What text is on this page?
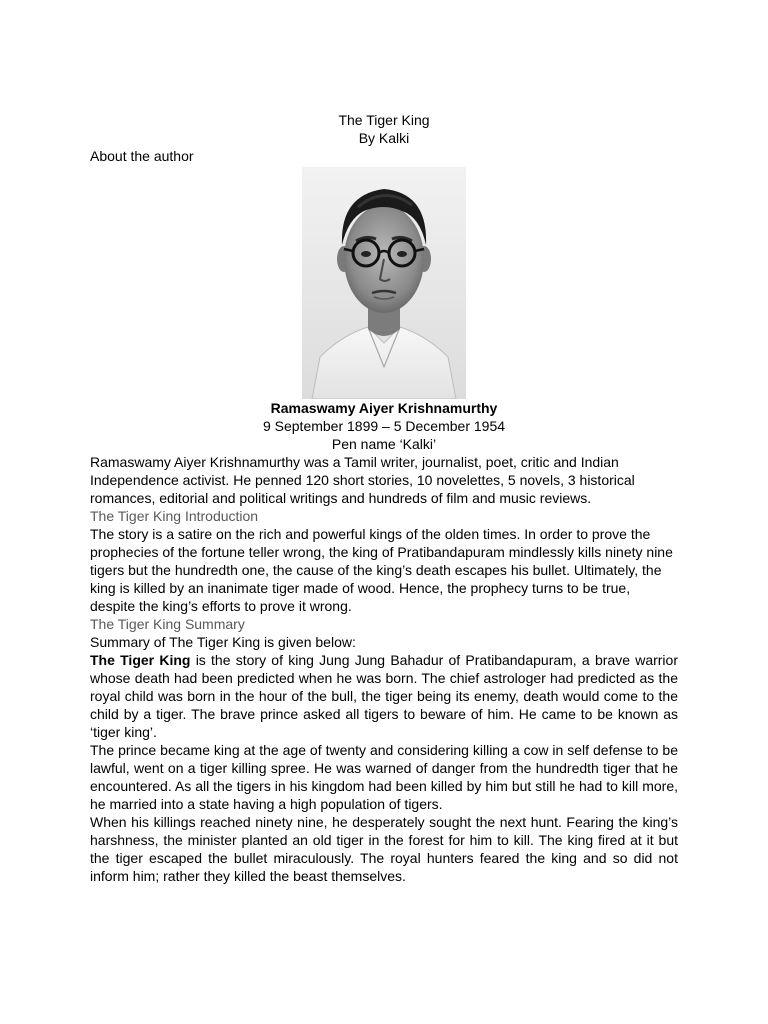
The Tiger King
By Kalki
About the author
Ramaswamy Aiyer Krishnamurthy
9 September 1899 – 5 December 1954
Pen name ‘Kalki’

Ramaswamy Aiyer Krishnamurthy was a Tamil writer, journalist, poet, critic and Indian Independence activist. He penned 120 short stories, 10 novelettes, 5 novels, 3 historical romances, editorial and political writings and hundreds of film and music reviews.

The Tiger King Introduction

The story is a satire on the rich and powerful kings of the olden times. In order to prove the prophecies of the fortune teller wrong, the king of Pratibandapuram mindlessly kills ninety nine tigers but the hundredth one, the cause of the king’s death escapes his bullet. Ultimately, the king is killed by an inanimate tiger made of wood. Hence, the prophecy turns to be true, despite the king’s efforts to prove it wrong.

The Tiger King Summary

Summary of The Tiger King is given below:

The Tiger King is the story of king Jung Jung Bahadur of Pratibandapuram, a brave warrior whose death had been predicted when he was born. The chief astrologer had predicted as the royal child was born in the hour of the bull, the tiger being its enemy, death would come to the child by a tiger. The brave prince asked all tigers to beware of him. He came to be known as ‘tiger king’.

The prince became king at the age of twenty and considering killing a cow in self defense to be lawful, went on a tiger killing spree. He was warned of danger from the hundredth tiger that he encountered. As all the tigers in his kingdom had been killed by him but still he had to kill more, he married into a state having a high population of tigers.

When his killings reached ninety nine, he desperately sought the next hunt. Fearing the king’s harshness, the minister planted an old tiger in the forest for him to kill. The king fired at it but the tiger escaped the bullet miraculously. The royal hunters feared the king and so did not inform him; rather they killed the beast themselves.
